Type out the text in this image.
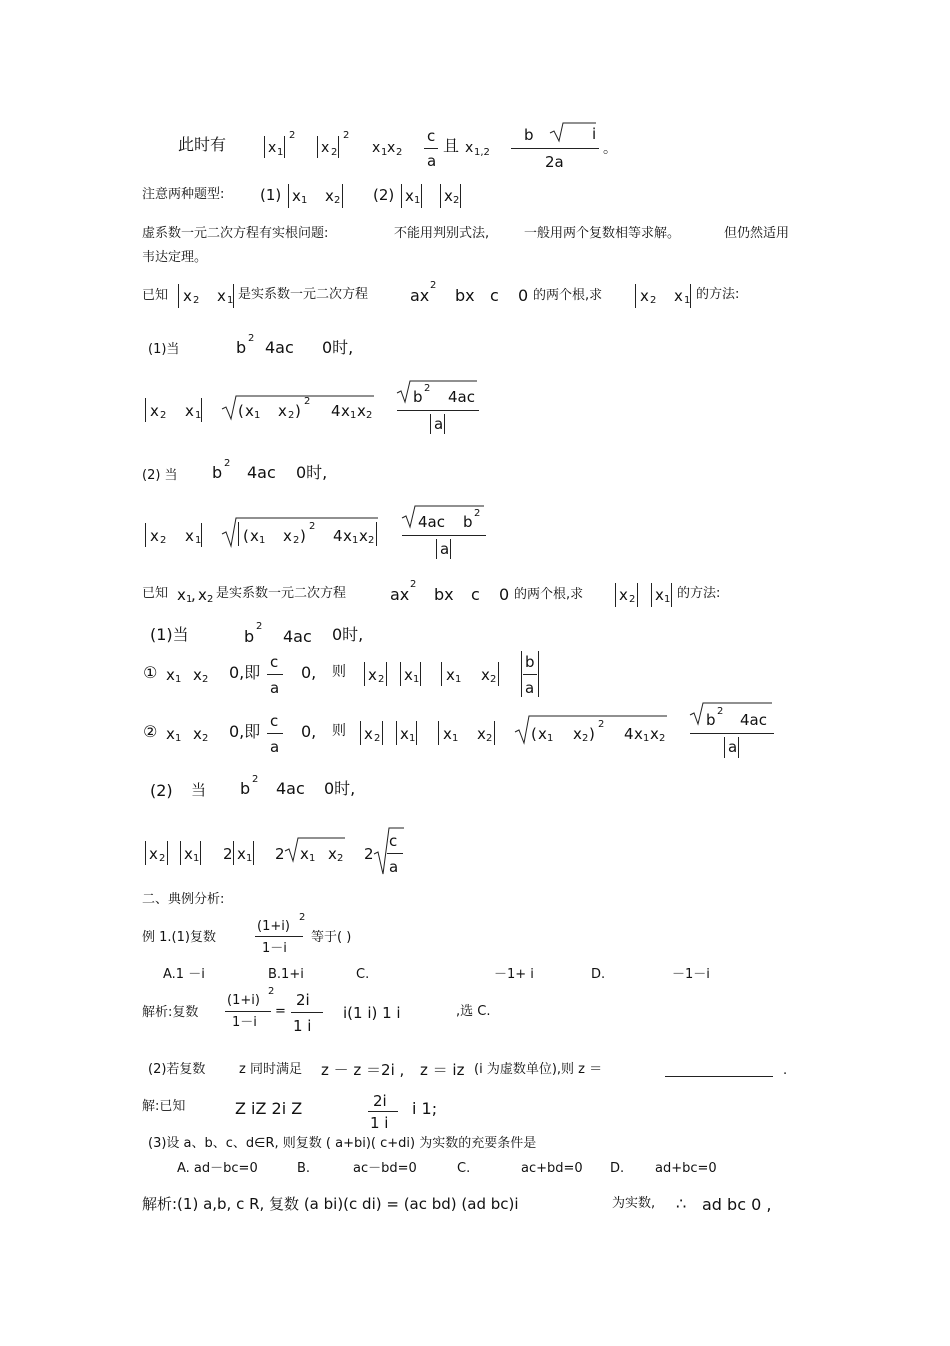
此时有	x 1
2
x 2
2
x 1 x 2
c
a
且 x 1,2
b	i
2a
。
注意两种题型: (1) x 1 x 2 (2) x 1 x 2
虚系数一元二次方程有实根问题:	不能用判别式法,	一般用两个复数相等求解。	但仍然适用
韦达定理。
已知 x 2 x 1 是实系数一元二次方程	ax
2
bx c 0 的两个根,求	x 2 x 1 的方法:
(1)当	b 2 4ac 0时,
x 2 x 1 ( x 1 x 2 )
2
4 x 1 x 2
b 2 4ac
a
(2) 当 b 2 4ac 0时,
x 2 x 1	( x 1 x 2 )
2
4 x 1 x 2
4ac b 2
a
已知 x 1
, x 2 是实系数一元二次方程	ax
2
bx c 0 的两个根,求 x 2 x 1 的方法:
(1)当	b
2
4ac 0时,
① x 1 x 2 0,即
c
a
0, 则 x 2 x 1 x 1 x 2
b
a
② x 1 x 2 0,即
c
a
0, 则 x 2 x 1 x 1 x 2	( x 1 x 2 )
2
4 x 1 x 2
b 2 4ac
a
(2) 当 b 2 4ac 0时,
x 2 x 1 2 x 1 2 x 1 x 2 2
c
a
二、典例分析:
例 1.(1)复数
(1+i)
2
1－i
等于( )
A.1 －i	B.1+i	C.	－1+ i	D.	－1－i
解析:复数
(1+i)
2
1－i
=
2i
1 i
i(1 i) 1 i	,选 C.
(2)若复数	z 同时满足 z － z ＝2i , z ＝ iz (i 为虚数单位),则 z ＝	.
解:已知	Z iZ 2i Z	2i
1 i
i 1;
(3)设 a、b、c、d∈R, 则复数 ( a+bi)( c+di) 为实数的充要条件是
A. ad－bc=0	B.	ac－bd=0	C.	ac+bd=0 D. ad+bc=0
解析:(1) a,b, c R, 复数 (a bi)(c di) = (ac bd) (ad bc)i	为实数, ∴ ad bc 0 ,
